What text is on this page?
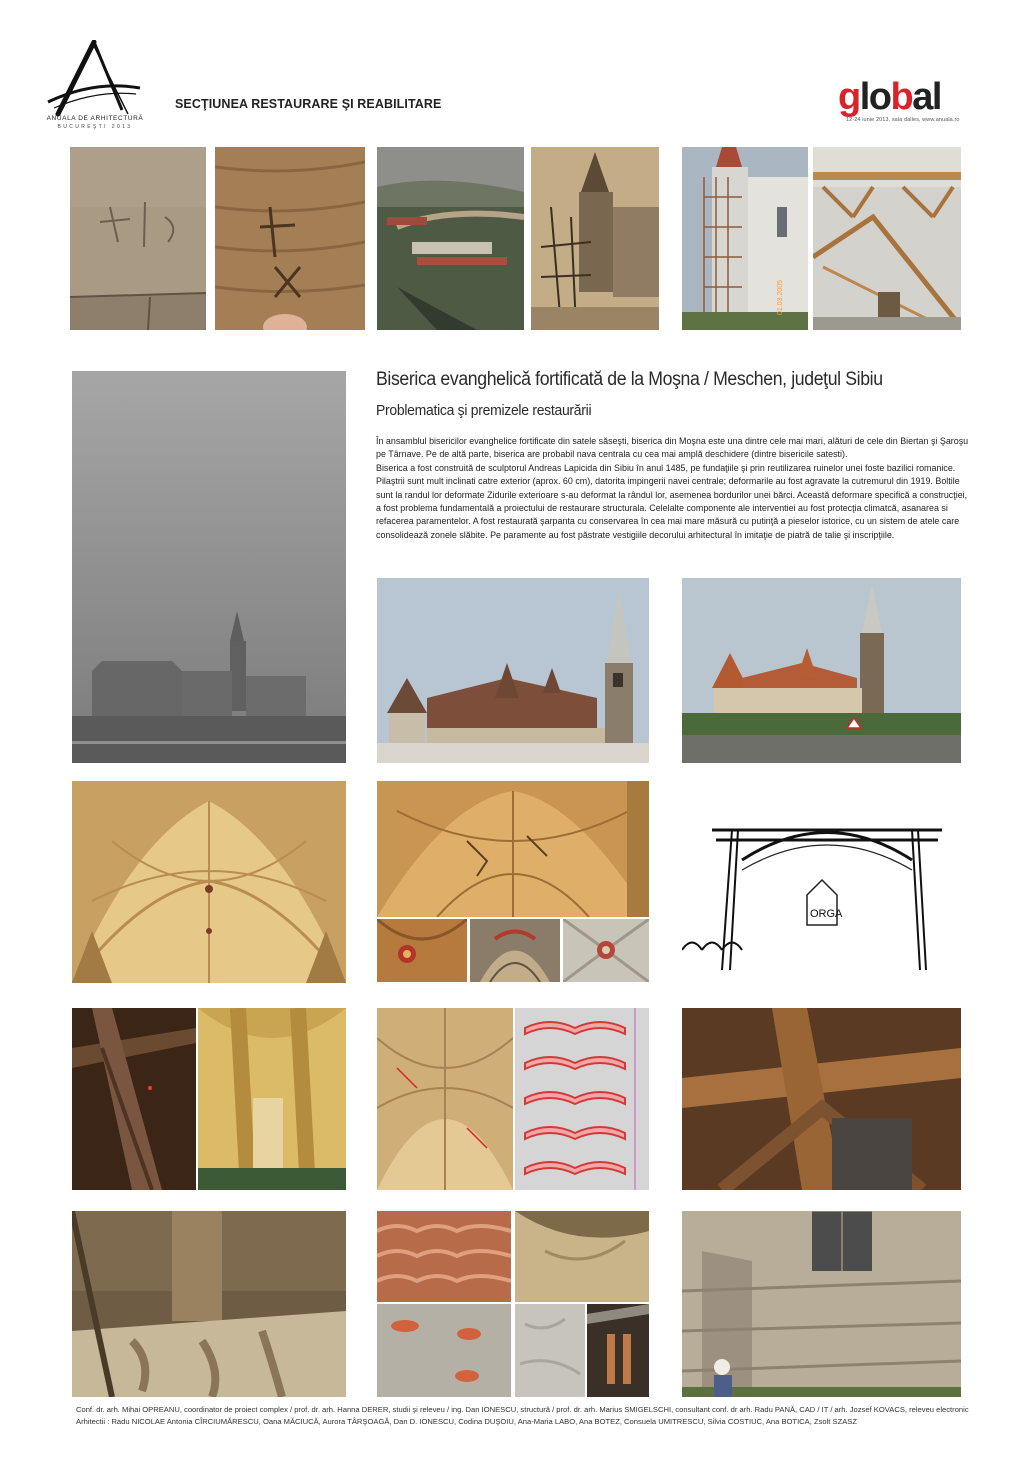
ANUALA DE ARHITECTURĂ
BUCUREŞTI 2013
SECŢIUNEA RESTAURARE ŞI REABILITARE	global
12-24 iunie 2013, sala dalles, www.anuala.ro
01.03.2005
Biserica evanghelică fortificată de la Moşna / Meschen, judeţul Sibiu
Problematica şi premizele restaurării

În ansamblul bisericilor evanghelice fortificate din satele săseşti, biserica din Moşna este una dintre cele mai mari, alături de cele din Biertan şi Şaroşu pe Târnave. Pe de altă parte, biserica are probabil nava centrala cu cea mai amplă deschidere (dintre bisericile satesti).

Biserica a fost construită de sculptorul Andreas Lapicida din Sibiu în anul 1485, pe fundaţiile şi prin reutilizarea ruinelor unei foste bazilici romanice.

Pilaştrii sunt mult inclinati catre exterior (aprox. 60 cm), datorita impingerii navei centrale; deformarile au fost agravate la cutremurul din 1919. Boltile sunt la randul lor deformate Zidurile exterioare s-au deformat la rândul lor, asemenea bordurilor unei bărci. Această deformare specifică a construcţiei, a fost problema fundamentală a proiectului de restaurare structurala. Celelalte componente ale interventiei au fost protecţia climatcă, asanarea si refacerea paramentelor. A fost restaurată şarpanta cu conservarea în cea mai mare măsură cu putinţă a pieselor istorice, cu un sistem de atele care consolidează zonele slăbite. Pe paramente au fost păstrate vestigiile decorului arhitectural în imitaţie de piatră de talie şi inscripţiile.

ORGA

Conf. dr. arh. Mihai OPREANU, coordinator de proiect complex / prof. dr. arh. Hanna DERER, studii şi releveu / ing. Dan IONESCU, structură / prof. dr. arh. Marius SMIGELSCHI, consultant conf. dr arh. Radu PANĂ, CAD / IT / arh. Jozsef KOVACS, releveu electronic

Arhitectii : Radu NICOLAE Antonia CÎRCIUMĂRESCU, Oana MĂCIUCĂ, Aurora TÂRŞOAGĂ, Dan D. IONESCU, Codina DUŞOIU, Ana-Maria LABO, Ana BOTEZ, Consuela UMITRESCU, Silvia COSTIUC, Ana BOTICA, Zsolt SZASZ
